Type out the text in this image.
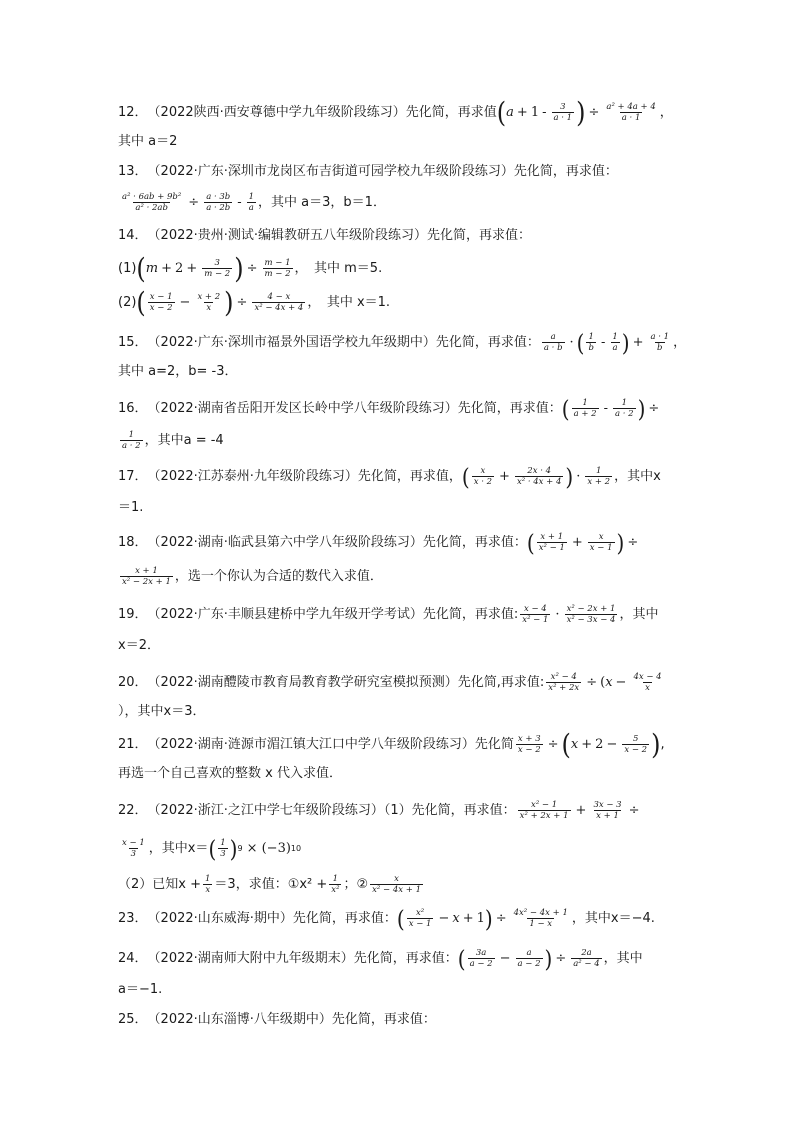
12． （2022陕西·西安尊德中学九年级阶段练习）先化简，再求值 ( $a + 1 - \frac{3}{a \cdot 1}$ ) ÷ $\frac{\text{a² + 4a + 4}}{a \cdot 1}$ ，
其中 a＝2
13． （2022·广东·深圳市龙岗区布吉街道可园学校九年级阶段练习）先化简，再求值：
$\frac{\text{a² · 6ab + 9b²}}{\text{a² · 2ab}} \div \frac{a \cdot 3b}{a \cdot 2b} - \frac{1}{a}$ ，其中 a＝3，b＝1．
14． （2022·贵州·测试·编辑教研五八年级阶段练习）先化简，再求值：
(1) ( $m + 2 + \frac{3}{m - 2}$ ) ÷ $\frac{m - 1}{m - 2}$ ，　其中 m＝5.
(2) ( $\frac{x - 1}{x - 2} - \frac{x + 2}{x}$ ) ÷ $\frac{4 - x}{\text{x² − 4x + 4}}$ ，　其中 x＝1.
15． （2022·广东·深圳市福景外国语学校九年级期中）先化简，再求值： $\frac{a}{a \cdot b}$ · ( $\frac{1}{b} - \frac{1}{a}$ ) + $\frac{a \cdot 1}{b}$ ，
其中 a=2，b= -3．
16． （2022·湖南省岳阳开发区长岭中学八年级阶段练习）先化简，再求值： ( $\frac{1}{a + 2} - \frac{1}{a \cdot 2}$ ) ÷
$\frac{1}{a \cdot 2}$ ，其中a = -4
17． （2022·江苏泰州·九年级阶段练习）先化简，再求值， ( $\frac{x}{x \cdot 2} + \frac{2x \cdot 4}{\text{x² · 4x + 4}}$ ) · $\frac{1}{x + 2}$ ，其中x
＝1.
18． （2022·湖南·临武县第六中学八年级阶段练习）先化简，再求值： ( $\frac{x + 1}{\text{x² − 1}} + \frac{x}{x - 1}$ ) ÷
$\frac{x + 1}{\text{x² − 2x + 1}}$ ，选一个你认为合适的数代入求值．
19． （2022·广东·丰顺县建桥中学九年级开学考试）先化简，再求值: $\frac{x - 4}{\text{x² − 1}} \cdot \frac{\text{x² − 2x + 1}}{\text{x² − 3x − 4}}$ ，其中
x＝2．
20． （2022·湖南醴陵市教育局教育教学研究室模拟预测）先化简,再求值: $\frac{\text{x² − 4}}{\text{x² + 2x}}$ ÷ ( $x - \frac{4x - 4}{x}$
），其中x＝3．
21． （2022·湖南·涟源市湄江镇大江口中学八年级阶段练习）先化简 $\frac{x + 3}{x - 2}$ ÷ ( $x + 2 - \frac{5}{x - 2}$ ) ,
再选一个自己喜欢的整数 x 代入求值．
22． （2022·浙江·之江中学七年级阶段练习）（1）先化简，再求值： $\frac{\text{x² − 1}}{\text{x² + 2x + 1}} + \frac{3x - 3}{x + 1}$ ÷
$\frac{x - 1}{3}$ ，其中x＝ ( $\frac{1}{3}$ ) 9 × (−3) 10
（2）已知$x + \frac{1}{x} =3$，求值：①x² + $\frac{1}{\text{x²}}$ ；② $\frac{x}{\text{x² − 4x + 1}}$
23． （2022·山东威海·期中）先化简，再求值： ( $\frac{\text{x²}}{x - 1} - x + 1$ ) ÷ $\frac{\text{4x² − 4x + 1}}{1 - x}$ ，其中x＝−4.
24． （2022·湖南师大附中九年级期末）先化简，再求值： ( $\frac{3a}{a - 2} - \frac{a}{a - 2}$ ) ÷ $\frac{2a}{\text{a² − 4}}$ ，其中
a＝−1.
25． （2022·山东淄博·八年级期中）先化简，再求值：
